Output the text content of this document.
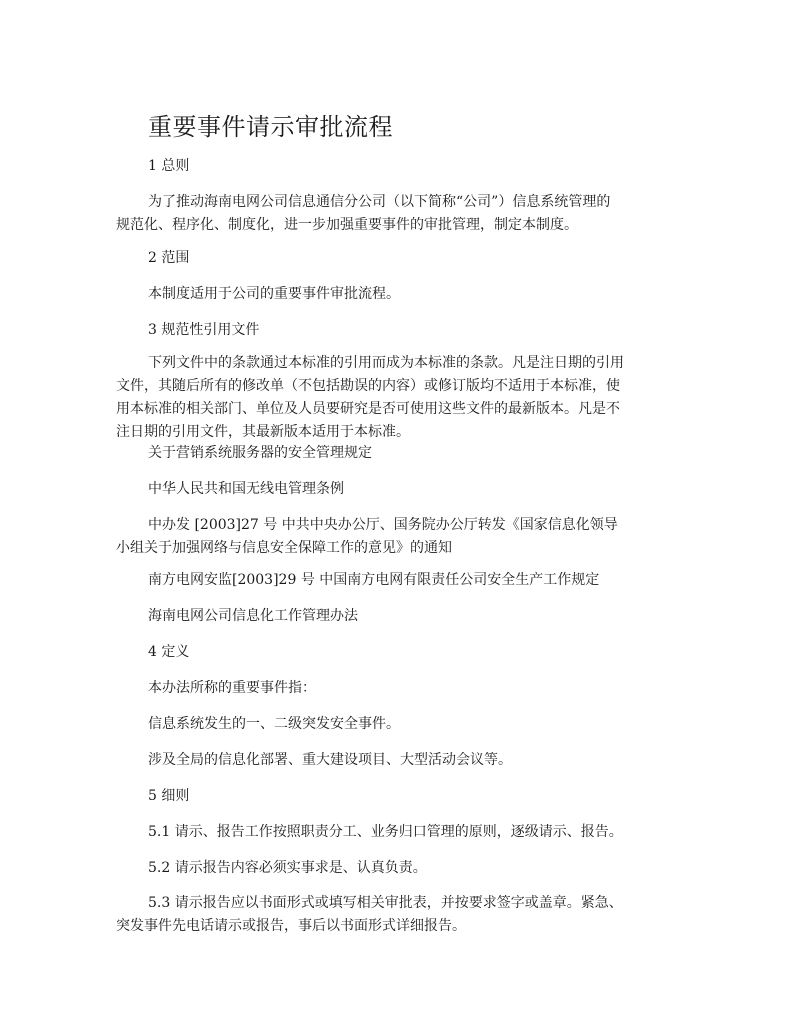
重要事件请示审批流程

1 总则

为了推动海南电网公司信息通信分公司（以下简称“公司”）信息系统管理的
规范化、程序化、制度化，进一步加强重要事件的审批管理，制定本制度。

2 范围

本制度适用于公司的重要事件审批流程。

3 规范性引用文件

下列文件中的条款通过本标准的引用而成为本标准的条款。凡是注日期的引用
文件，其随后所有的修改单（不包括勘误的内容）或修订版均不适用于本标准，使
用本标准的相关部门、单位及人员要研究是否可使用这些文件的最新版本。凡是不
注日期的引用文件，其最新版本适用于本标准。

关于营销系统服务器的安全管理规定

中华人民共和国无线电管理条例

中办发 [2003]27 号 中共中央办公厅、国务院办公厅转发《国家信息化领导
小组关于加强网络与信息安全保障工作的意见》的通知

南方电网安监[2003]29 号 中国南方电网有限责任公司安全生产工作规定

海南电网公司信息化工作管理办法

4 定义

本办法所称的重要事件指：

信息系统发生的一、二级突发安全事件。

涉及全局的信息化部署、重大建设项目、大型活动会议等。

5 细则

5.1 请示、报告工作按照职责分工、业务归口管理的原则，逐级请示、报告。

5.2 请示报告内容必须实事求是、认真负责。

5.3 请示报告应以书面形式或填写相关审批表，并按要求签字或盖章。紧急、
突发事件先电话请示或报告，事后以书面形式详细报告。
